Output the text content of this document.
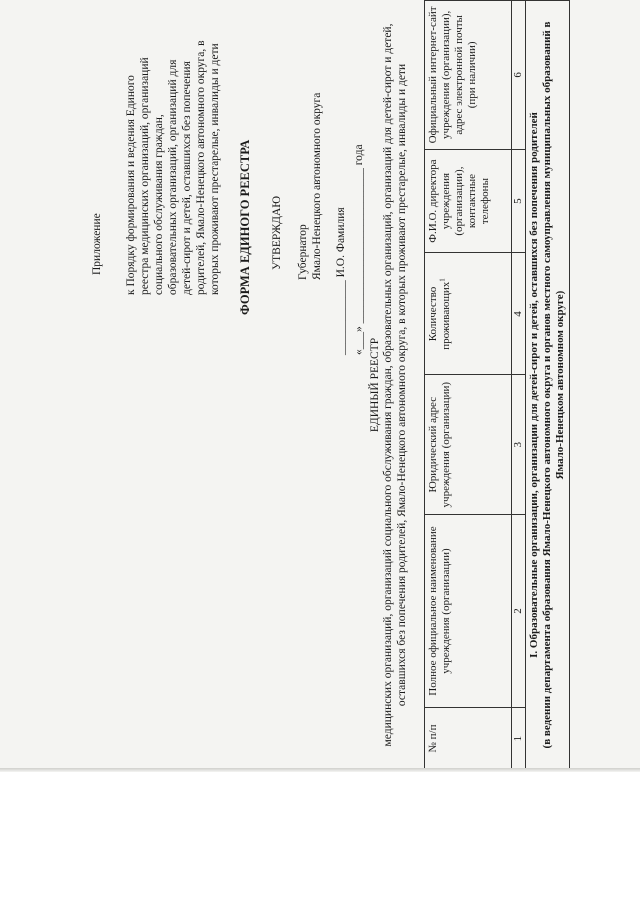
Приложение к Порядку формирования и ведения Единого реестра медицинских организаций, организаций социального обслуживания граждан, образовательных организаций, организаций для детей-сирот и детей, оставшихся без попечения родителей, Ямало-Ненецкого автономного округа, в которых проживают престарелые, инвалиды и дети ФОРМА ЕДИНОГО РЕЕСТРА УТВЕРЖДАЮ Губернатор Ямало-Ненецкого автономного округа
_____________ И.О. Фамилия «___» ___________________________ года
ЕДИНЫЙ РЕЕСТР медицинских организаций, организаций социального обслуживания граждан, образовательных организаций, организаций для детей-сирот и детей, оставшихся без попечения родителей, Ямало-Ненецкого автономного округа, в которых проживают престарелые, инвалиды и дети
№ п/п	Полное официальное наименование учреждения (организации)	Юридический адрес учреждения (организации)	Количество проживающих$^1$	Ф.И.О. директора учреждения (организации), контактные телефоны	Официальный интернет-сайт учреждения (организации), адрес электронной почты (при наличии)
1	2	3	4	5	6

I. Образовательные организации, организации для детей-сирот и детей, оставшихся без попечения родителей (в ведении департамента образования Ямало-Ненецкого автономного округа и органов местного самоуправления муниципальных образований в Ямало-Ненецком автономном округе)					
